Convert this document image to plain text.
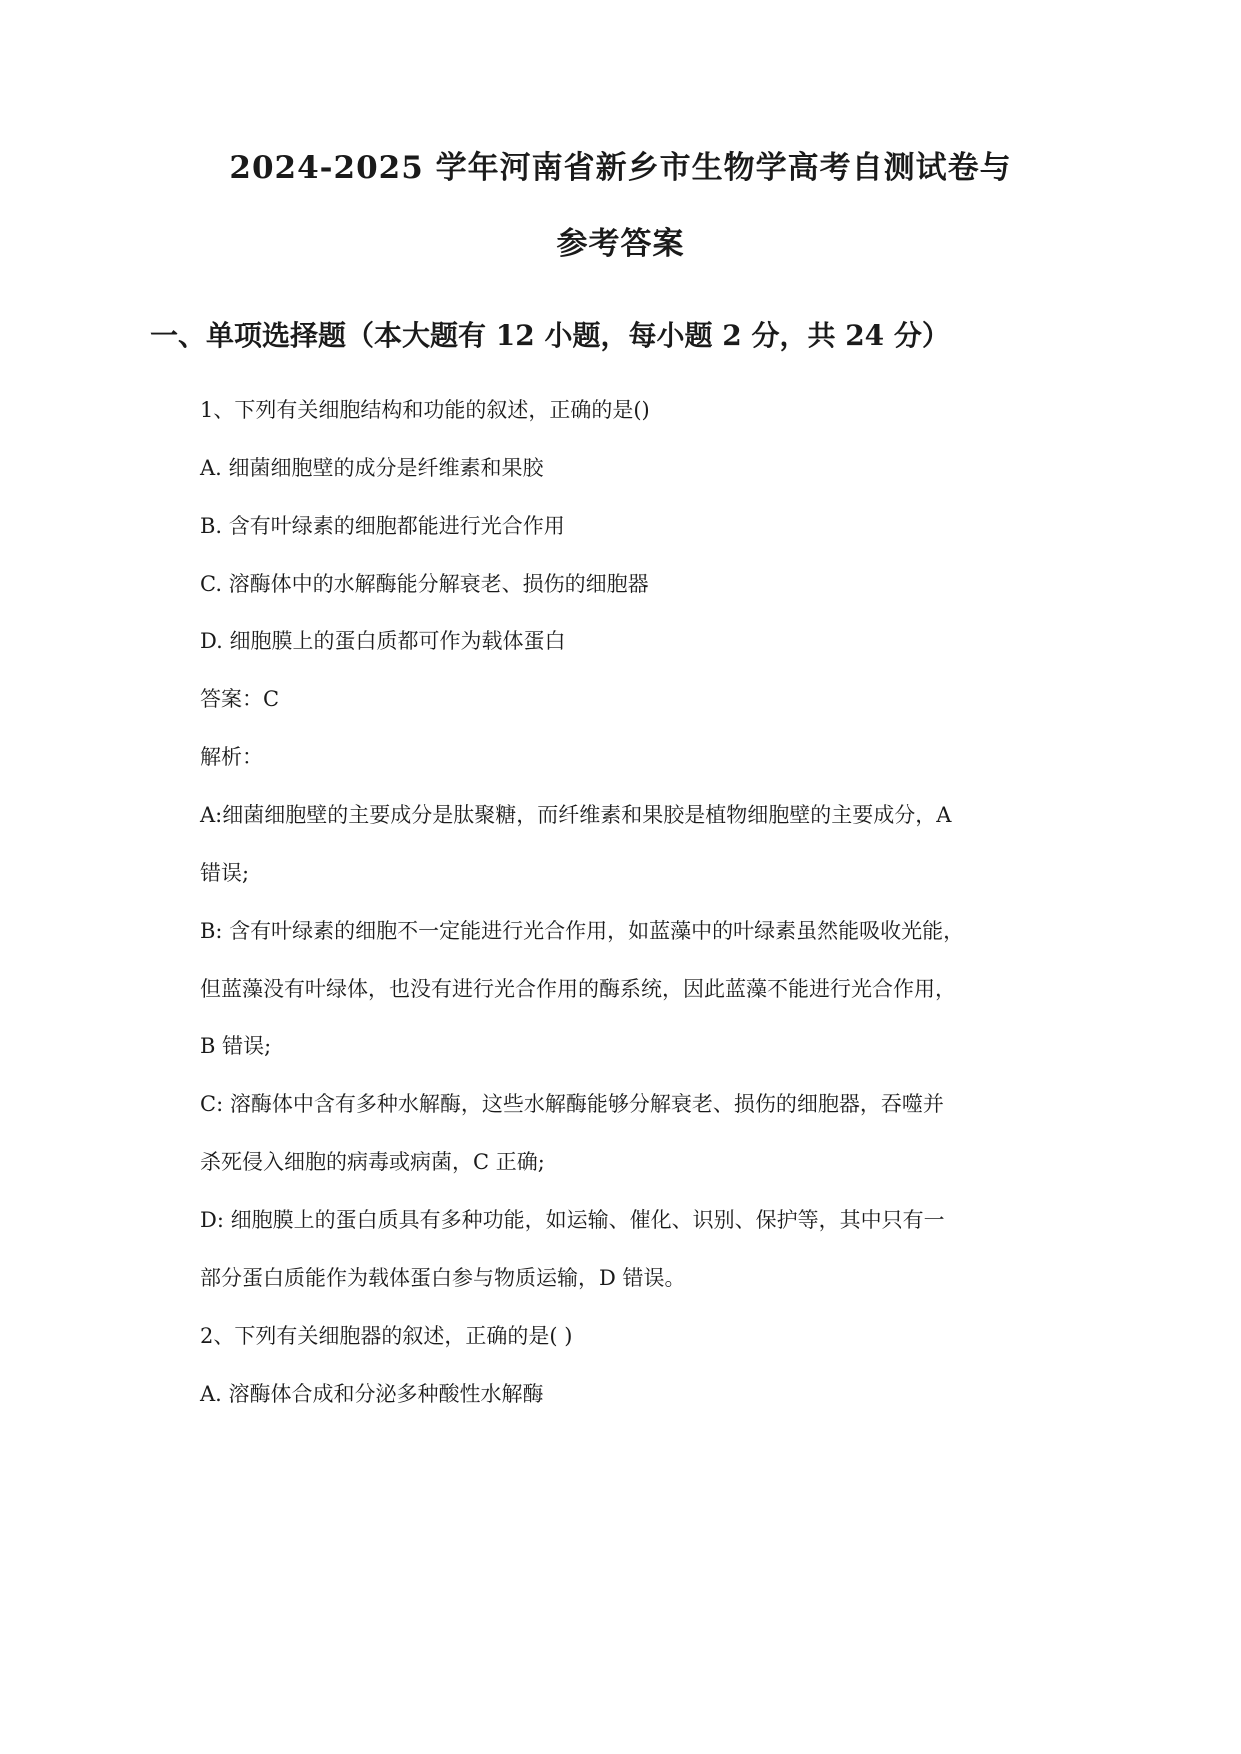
2024-2025 学年河南省新乡市生物学高考自测试卷与
参考答案
一、单项选择题（本大题有 12 小题，每小题 2 分，共 24 分）
1、下列有关细胞结构和功能的叙述，正确的是()
A. 细菌细胞壁的成分是纤维素和果胶
B. 含有叶绿素的细胞都能进行光合作用
C. 溶酶体中的水解酶能分解衰老、损伤的细胞器
D. 细胞膜上的蛋白质都可作为载体蛋白
答案：C
解析：
A:细菌细胞壁的主要成分是肽聚糖，而纤维素和果胶是植物细胞壁的主要成分，A
错误;
B: 含有叶绿素的细胞不一定能进行光合作用，如蓝藻中的叶绿素虽然能吸收光能，
但蓝藻没有叶绿体，也没有进行光合作用的酶系统，因此蓝藻不能进行光合作用，
B 错误;
C: 溶酶体中含有多种水解酶，这些水解酶能够分解衰老、损伤的细胞器，吞噬并
杀死侵入细胞的病毒或病菌，C 正确;
D: 细胞膜上的蛋白质具有多种功能，如运输、催化、识别、保护等，其中只有一
部分蛋白质能作为载体蛋白参与物质运输，D 错误。
2、下列有关细胞器的叙述，正确的是( )
A. 溶酶体合成和分泌多种酸性水解酶
